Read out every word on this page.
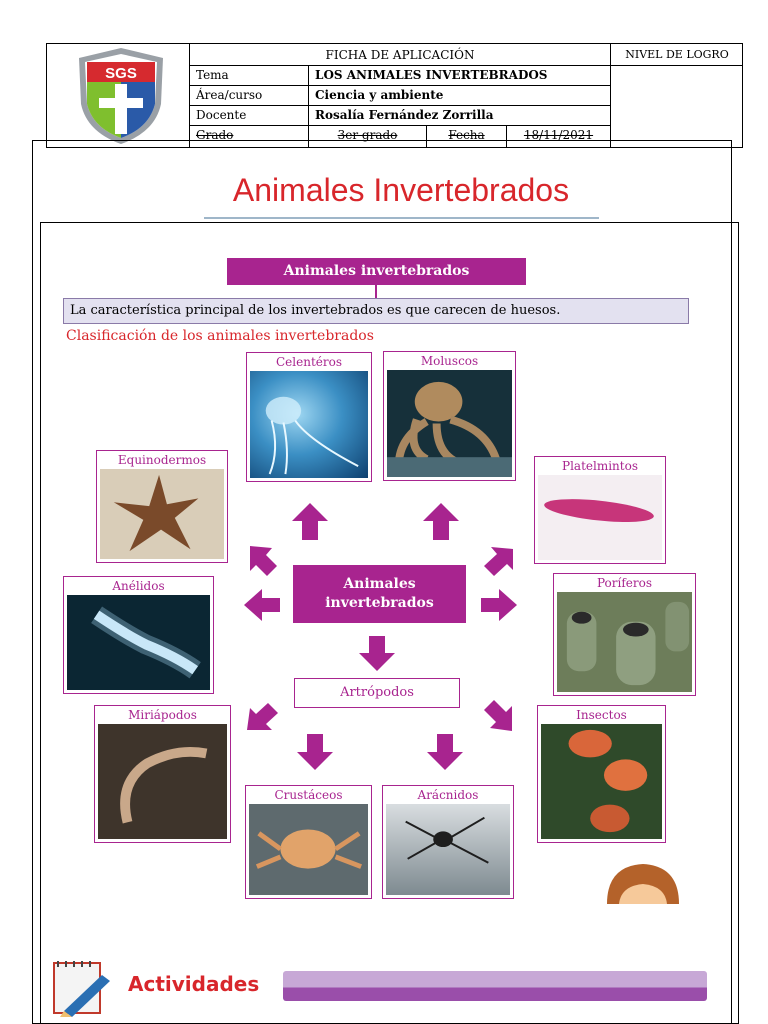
FICHA DE APLICACIÓN	NIVEL DE LOGRO
Tema	LOS ANIMALES INVERTEBRADOS
Área/curso	Ciencia y ambiente
Docente	Rosalía Fernández Zorrilla
Grado	3er grado	Fecha	18/11/2021
SGS
Animales Invertebrados
Animales invertebrados
La característica principal de los invertebrados es que carecen de huesos.
Clasificación de los animales invertebrados
Animales
invertebrados
Artrópodos
Celentéros	Moluscos
Equinodermos	Platelmintos
Anélidos	Poríferos
Miriápodos	Insectos
Crustáceos	Arácnidos
Actividades
